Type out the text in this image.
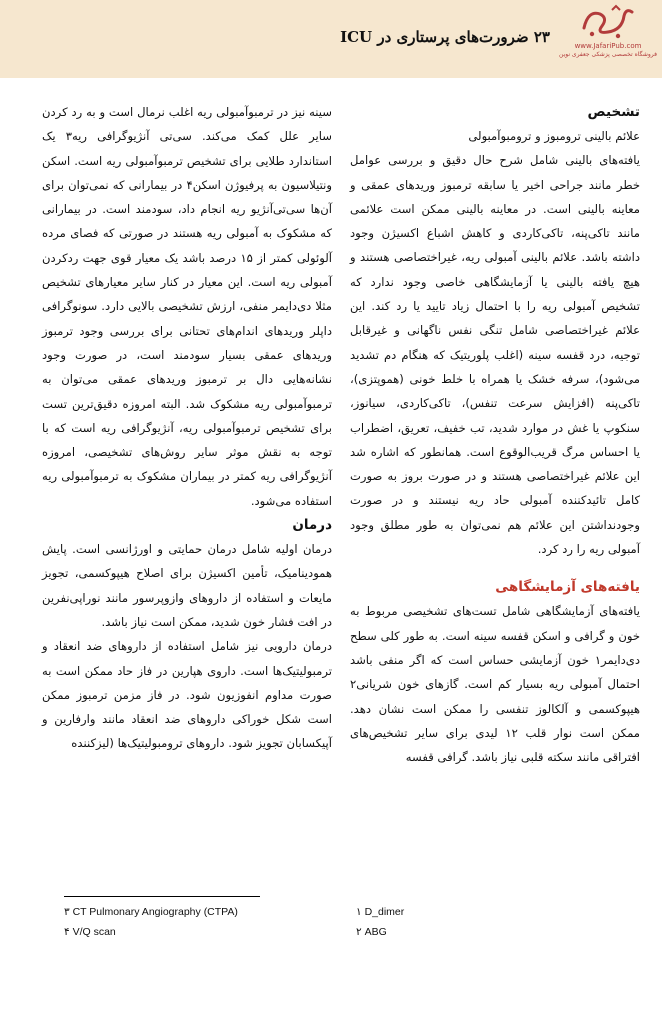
۲۳ ضرورت‌های پرستاری در ICU	www.JafariPub.com
فروشگاه تخصصی پزشکی جعفری نوین

تشخیص

علائم بالینی ترومبوز و ترومبوآمبولی

یافته‌های بالینی شامل شرح حال دقیق و بررسی عوامل خطر مانند جراحی اخیر یا سابقه ترمبوز وریدهای عمقی و معاینه بالینی است. در معاینه بالینی ممکن است علائمی مانند تاکی‌پنه، تاکی‌کاردی و کاهش اشباع اکسیژن وجود داشته باشد. علائم بالینی آمبولی ریه، غیراختصاصی هستند و هیچ یافته بالینی یا آزمایشگاهی خاصی وجود ندارد که تشخیص آمبولی ریه را با احتمال زیاد تایید یا رد کند. این علائم غیراختصاصی شامل تنگی نفس ناگهانی و غیرقابل توجیه، درد قفسه سینه (اغلب پلوریتیک که هنگام دم تشدید می‌شود)، سرفه خشک یا همراه با خلط خونی (هموپتزی)، تاکی‌پنه (افزایش سرعت تنفس)، تاکی‌کاردی، سیانوز، سنکوپ یا غش در موارد شدید، تب خفیف، تعریق، اضطراب یا احساس مرگ قریب‌الوقوع است. همانطور که اشاره شد این علائم غیراختصاصی هستند و در صورت بروز به صورت کامل تائیدکننده آمبولی حاد ریه نیستند و در صورت وجودنداشتن این علائم هم نمی‌توان به طور مطلق وجود آمبولی ریه را رد کرد.

یافته‌های آزمایشگاهی

یافته‌های آزمایشگاهی شامل تست‌های تشخیصی مربوط به خون و گرافی و اسکن قفسه سینه است. به طور کلی سطح دی‌دایمر۱ خون آزمایشی حساس است که اگر منفی باشد احتمال آمبولی ریه بسیار کم است. گازهای خون شریانی۲ هیپوکسمی و آلکالوز تنفسی را ممکن است نشان دهد. ممکن است نوار قلب ۱۲ لیدی برای سایر تشخیص‌های افتراقی مانند سکته قلبی نیاز باشد. گرافی قفسه

سینه نیز در ترمبوآمبولی ریه اغلب نرمال است و به رد کردن سایر علل کمک می‌کند. سی‌تی آنژیوگرافی ریه۳ یک استاندارد طلایی برای تشخیص ترمبوآمبولی ریه است. اسکن ونتیلاسیون به پرفیوژن اسکن۴ در بیمارانی که نمی‌توان برای آن‌ها سی‌تی‌آنژیو ریه انجام داد، سودمند است. در بیمارانی که مشکوک به آمبولی ریه هستند در صورتی که فصای مرده آلوئولی کمتر از ۱۵ درصد باشد یک معیار قوی جهت ردکردن آمبولی ریه است. این معیار در کنار سایر معیارهای تشخیص مثلا دی‌دایمر منفی، ارزش تشخیصی بالایی دارد. سونوگرافی داپلر وریدهای اندام‌های تحتانی برای بررسی وجود ترمبوز وریدهای عمقی بسیار سودمند است، در صورت وجود نشانه‌هایی دال بر ترمبوز وریدهای عمقی می‌توان به ترمبوآمبولی ریه مشکوک شد. البته امروزه دقیق‌ترین تست برای تشخیص ترمبوآمبولی ریه، آنژیوگرافی ریه است که با توجه به نقش موثر سایر روش‌های تشخیصی، امروزه آنژیوگرافی ریه کمتر در بیماران مشکوک به ترمبوآمبولی ریه استفاده می‌شود.

درمان

درمان اولیه شامل درمان حمایتی و اورژانسی است. پایش همودینامیک، تأمین اکسیژن برای اصلاح هیپوکسمی، تجویز مایعات و استفاده از داروهای وازوپرسور مانند نوراپی‌نفرین در افت فشار خون شدید، ممکن است نیاز باشد.

درمان دارویی نیز شامل استفاده از داروهای ضد انعقاد و ترمبولیتیک‌ها است. داروی هپارین در فاز حاد ممکن است به صورت مداوم انفوزیون شود. در فاز مزمن ترمبوز ممکن است شکل خوراکی داروهای ضد انعقاد مانند وارفارین و آپیکسابان تجویز شود. داروهای ترومبولیتیک‌ها (لیزکننده

۳ CT Pulmonary Angiography (CTPA)
۴ V/Q scan
۱ D_dimer
۲ ABG
